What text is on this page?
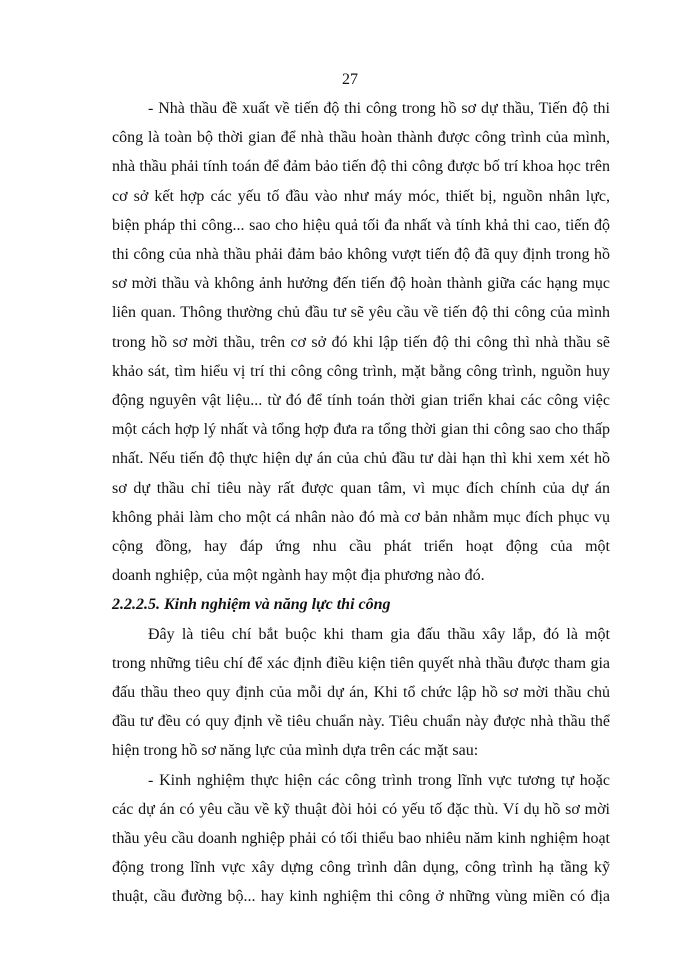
27
- Nhà thầu đề xuất về tiến độ thi công trong hồ sơ dự thầu, Tiến độ thi
công là toàn bộ thời gian để nhà thầu hoàn thành được công trình của mình,
nhà thầu phải tính toán để đảm bảo tiến độ thi công được bố trí khoa học trên
cơ sở kết hợp các yếu tố đầu vào như máy móc, thiết bị, nguồn nhân lực,
biện pháp thi công... sao cho hiệu quả tối đa nhất và tính khả thi cao, tiến độ
thi công của nhà thầu phải đảm bảo không vượt tiến độ đã quy định trong hồ
sơ mời thầu và không ảnh hưởng đến tiến độ hoàn thành giữa các hạng mục
liên quan. Thông thường chủ đầu tư sẽ yêu cầu về tiến độ thi công của mình
trong hồ sơ mời thầu, trên cơ sở đó khi lập tiến độ thi công thì nhà thầu sẽ
khảo sát, tìm hiểu vị trí thi công công trình, mặt bằng công trình, nguồn huy
động nguyên vật liệu... từ đó để tính toán thời gian triển khai các công việc
một cách hợp lý nhất và tổng hợp đưa ra tổng thời gian thi công sao cho thấp
nhất. Nếu tiến độ thực hiện dự án của chủ đầu tư dài hạn thì khi xem xét hồ
sơ dự thầu chỉ tiêu này rất được quan tâm, vì mục đích chính của dự án
không phải làm cho một cá nhân nào đó mà cơ bản nhằm mục đích phục vụ
cộng đồng, hay đáp ứng nhu cầu phát triển hoạt động của một
doanh nghiệp, của một ngành hay một địa phương nào đó.
2.2.2.5. Kinh nghiệm và năng lực thi công
Đây là tiêu chí bắt buộc khi tham gia đấu thầu xây lắp, đó là một
trong những tiêu chí để xác định điều kiện tiên quyết nhà thầu được tham gia
đấu thầu theo quy định của mỗi dự án, Khi tổ chức lập hồ sơ mời thầu chủ
đầu tư đều có quy định về tiêu chuẩn này. Tiêu chuẩn này được nhà thầu thể
hiện trong hồ sơ năng lực của mình dựa trên các mặt sau:
- Kinh nghiệm thực hiện các công trình trong lĩnh vực tương tự hoặc
các dự án có yêu cầu về kỹ thuật đòi hỏi có yếu tố đặc thù. Ví dụ hồ sơ mời
thầu yêu cầu doanh nghiệp phải có tối thiểu bao nhiêu năm kinh nghiệm hoạt
động trong lĩnh vực xây dựng công trình dân dụng, công trình hạ tầng kỹ
thuật, cầu đường bộ... hay kinh nghiệm thi công ở những vùng miền có địa
